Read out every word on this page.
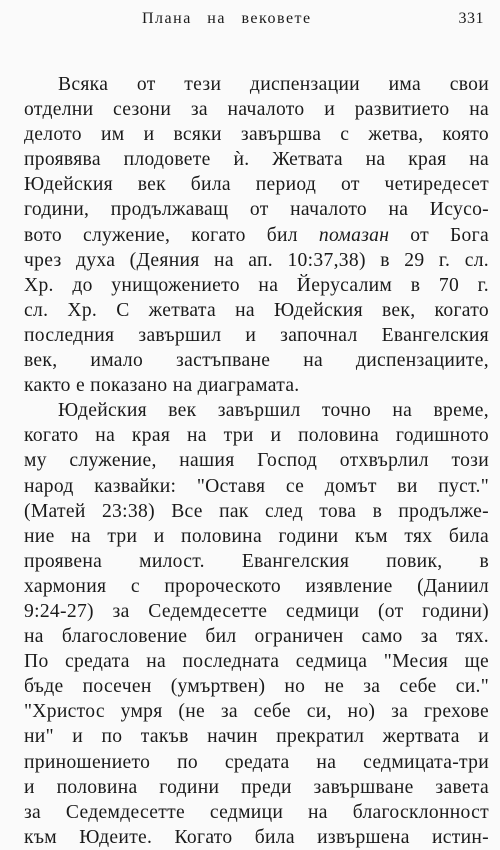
Плана на вековете	331
Всяка от тези диспензации има свои
отделни сезони за началото и развитието на
делото им и всяки завършва с жетва, която
проявява плодовете ѝ. Жетвата на края на
Юдейския век била период от четиредесет
години, продължаващ от началото на Исусо-
вото служение, когато бил помазан от Бога
чрез духа (Деяния на ап. 10:37,38) в 29 г. сл.
Хр. до унищожението на Йерусалим в 70 г.
сл. Хр. С жетвата на Юдейския век, когато
последния завършил и започнал Евангелския
век, имало застъпване на диспензациите,
както е показано на диаграмата.
Юдейския век завършил точно на време,
когато на края на три и половина годишното
му служение, нашия Господ отхвърлил този
народ казвайки: "Оставя се домът ви пуст."
(Матей 23:38) Все пак след това в продълже-
ние на три и половина години към тях била
проявена милост. Евангелския повик, в
хармония с пророческото изявление (Даниил
9:24-27) за Седемдесетте седмици (от години)
на благословение бил ограничен само за тях.
По средата на последната седмица "Месия ще
бъде посечен (умъртвен) но не за себе си."
"Христос умря (не за себе си, но) за грехове
ни" и по такъв начин прекратил жертвата и
приношението по средата на седмицата-три
и половина години преди завършване завета
за Седемдесетте седмици на благосклонност
към Юдеите. Когато била извършена истин-
